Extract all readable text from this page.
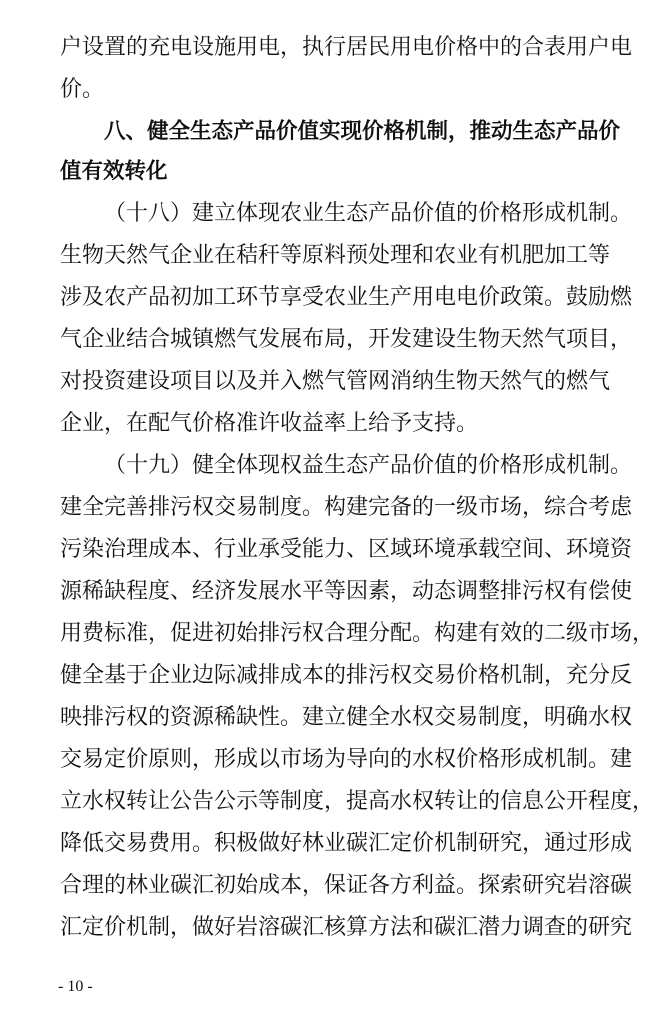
户设置的充电设施用电，执行居民用电价格中的合表用户电
价。
八、健全生态产品价值实现价格机制，推动生态产品价
值有效转化
（十八）建立体现农业生态产品价值的价格形成机制。
生物天然气企业在秸秆等原料预处理和农业有机肥加工等
涉及农产品初加工环节享受农业生产用电电价政策。鼓励燃
气企业结合城镇燃气发展布局，开发建设生物天然气项目，
对投资建设项目以及并入燃气管网消纳生物天然气的燃气
企业，在配气价格准许收益率上给予支持。
（十九）健全体现权益生态产品价值的价格形成机制。
建全完善排污权交易制度。构建完备的一级市场，综合考虑
污染治理成本、行业承受能力、区域环境承载空间、环境资
源稀缺程度、经济发展水平等因素，动态调整排污权有偿使
用费标准，促进初始排污权合理分配。构建有效的二级市场，
健全基于企业边际减排成本的排污权交易价格机制，充分反
映排污权的资源稀缺性。建立健全水权交易制度，明确水权
交易定价原则，形成以市场为导向的水权价格形成机制。建
立水权转让公告公示等制度，提高水权转让的信息公开程度，
降低交易费用。积极做好林业碳汇定价机制研究，通过形成
合理的林业碳汇初始成本，保证各方利益。探索研究岩溶碳
汇定价机制，做好岩溶碳汇核算方法和碳汇潜力调查的研究
- 10 -
